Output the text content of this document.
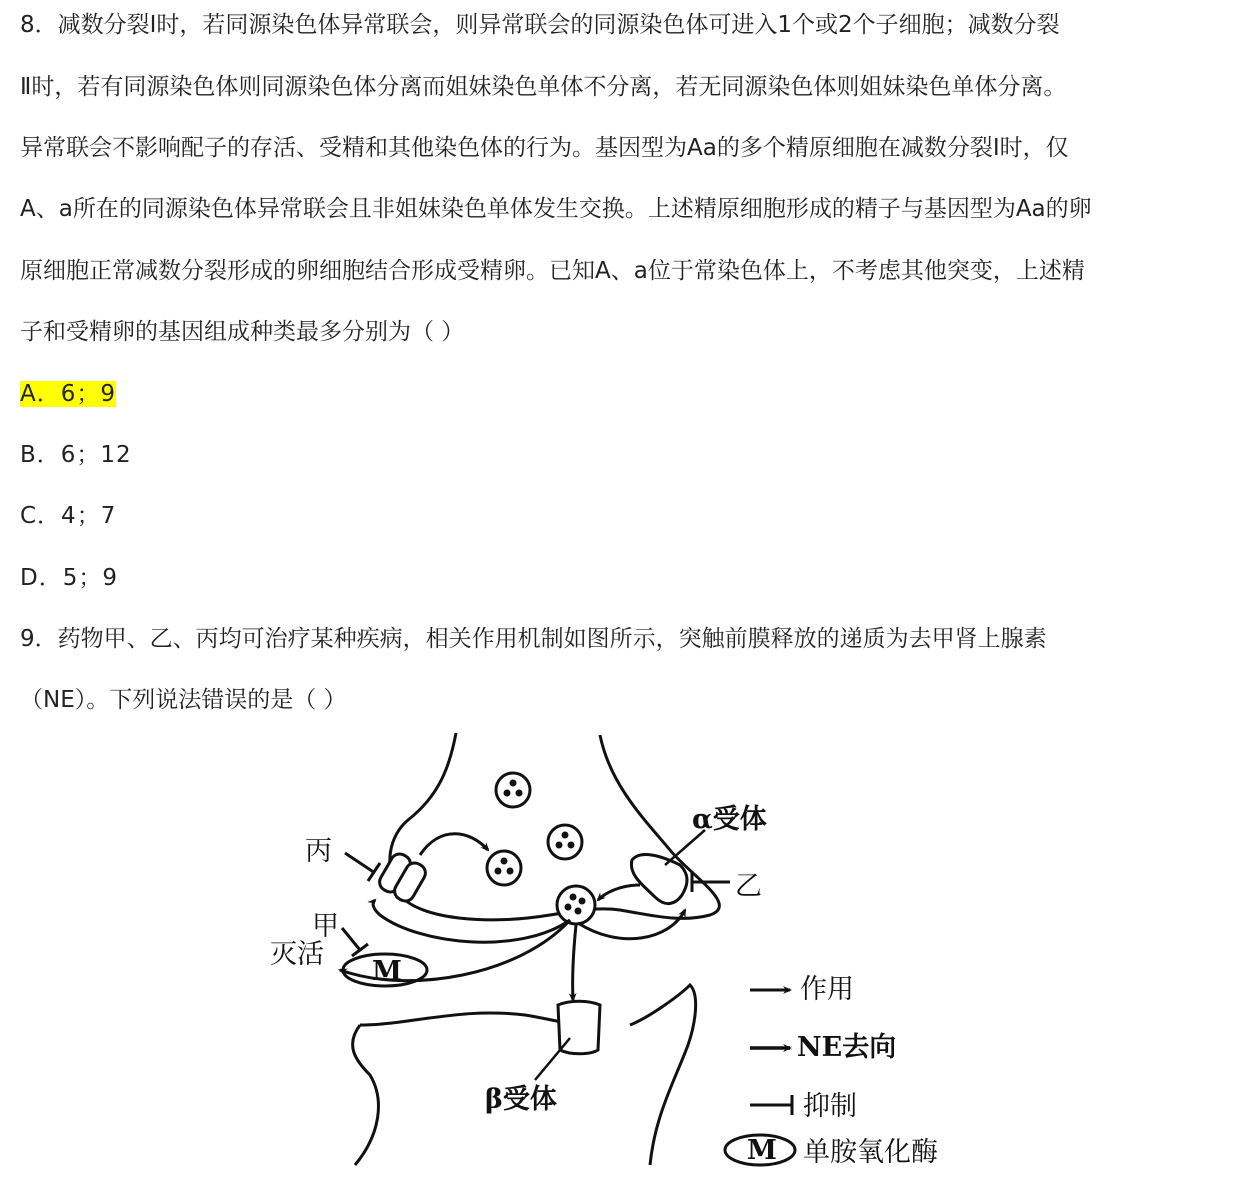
8．减数分裂Ⅰ时，若同源染色体异常联会，则异常联会的同源染色体可进入1个或2个子细胞；减数分裂
Ⅱ时，若有同源染色体则同源染色体分离而姐妹染色单体不分离，若无同源染色体则姐妹染色单体分离。
异常联会不影响配子的存活、受精和其他染色体的行为。基因型为Aa的多个精原细胞在减数分裂Ⅰ时，仅
A、a所在的同源染色体异常联会且非姐妹染色单体发生交换。上述精原细胞形成的精子与基因型为Aa的卵
原细胞正常减数分裂形成的卵细胞结合形成受精卵。已知A、a位于常染色体上，不考虑其他突变，上述精
子和受精卵的基因组成种类最多分别为（ ）
A．6；9
B．6；12
C．4；7
D．5；9
9．药物甲、乙、丙均可治疗某种疾病，相关作用机制如图所示，突触前膜释放的递质为去甲肾上腺素
（NE）。下列说法错误的是（ ）
M
丙
甲
灭活
α受体
乙
β受体
作用
NE去向
抑制
M 单胺氧化酶
